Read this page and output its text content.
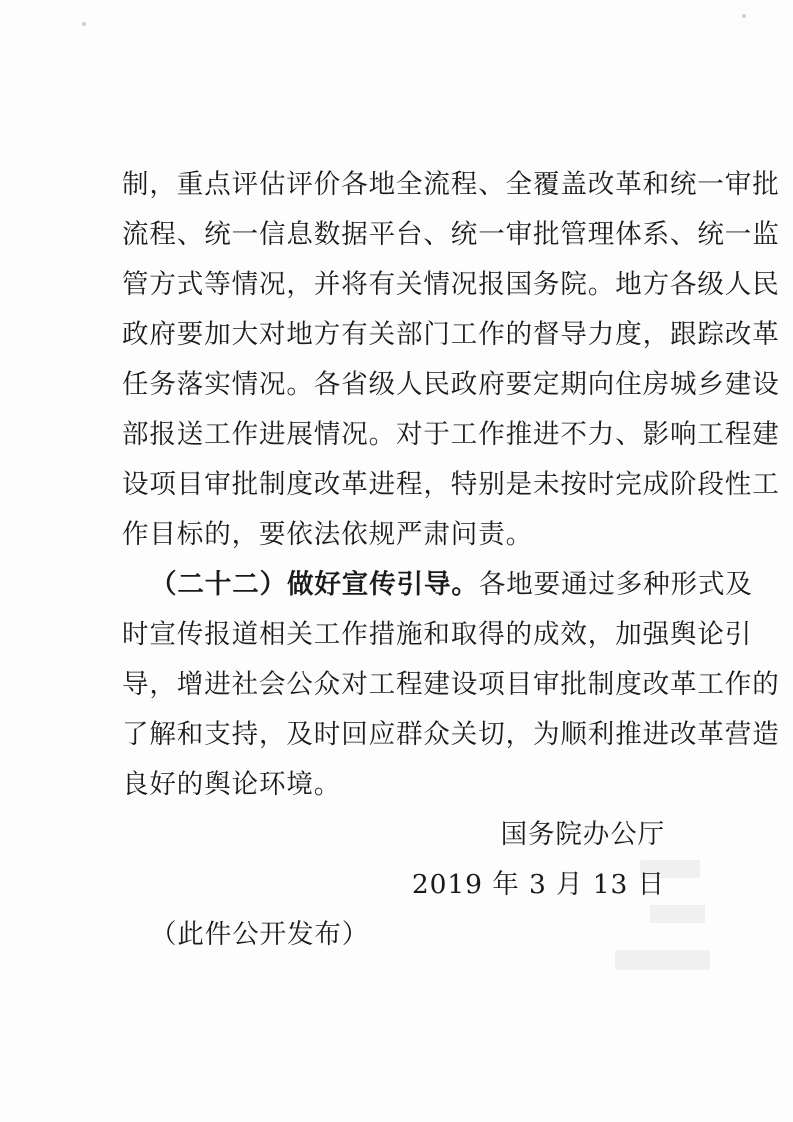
制，重点评估评价各地全流程、全覆盖改革和统一审批
流程、统一信息数据平台、统一审批管理体系、统一监
管方式等情况，并将有关情况报国务院。地方各级人民
政府要加大对地方有关部门工作的督导力度，跟踪改革
任务落实情况。各省级人民政府要定期向住房城乡建设
部报送工作进展情况。对于工作推进不力、影响工程建
设项目审批制度改革进程，特别是未按时完成阶段性工
作目标的，要依法依规严肃问责。
（二十二）做好宣传引导。各地要通过多种形式及
时宣传报道相关工作措施和取得的成效，加强舆论引
导，增进社会公众对工程建设项目审批制度改革工作的
了解和支持，及时回应群众关切，为顺利推进改革营造
良好的舆论环境。
国务院办公厅
2019 年 3 月 13 日
（此件公开发布）
